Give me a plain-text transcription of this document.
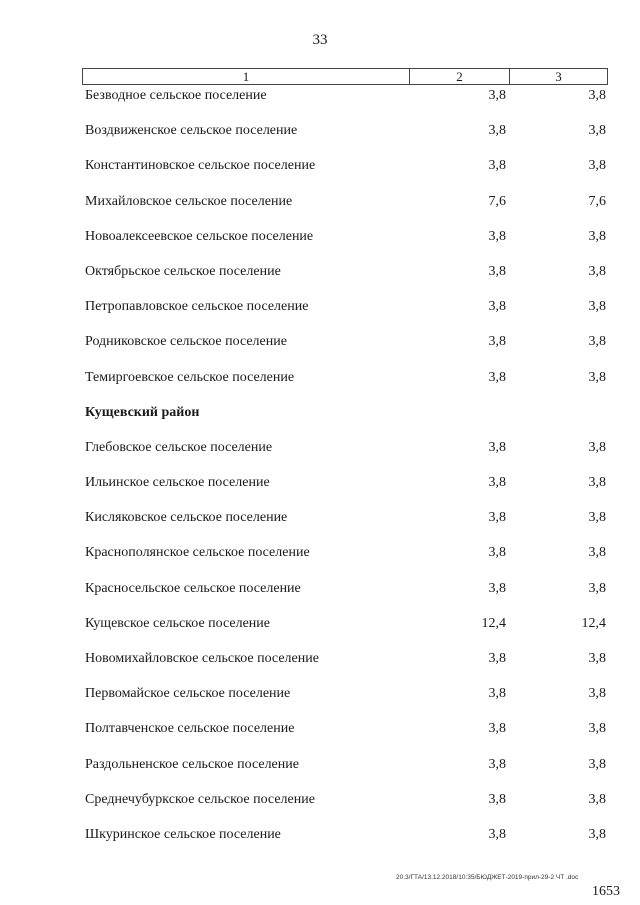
33
1	2	3
Безводное сельское поселение	3,8	3,8
Воздвиженское сельское поселение	3,8	3,8
Константиновское сельское поселение	3,8	3,8
Михайловское сельское поселение	7,6	7,6
Новоалексеевское сельское поселение	3,8	3,8
Октябрьское сельское поселение	3,8	3,8
Петропавловское сельское поселение	3,8	3,8
Родниковское сельское поселение	3,8	3,8
Темиргоевское сельское поселение	3,8	3,8
Кущевский район
Глебовское сельское поселение	3,8	3,8
Ильинское сельское поселение	3,8	3,8
Кисляковское сельское поселение	3,8	3,8
Краснополянское сельское поселение	3,8	3,8
Красносельское сельское поселение	3,8	3,8
Кущевское сельское поселение	12,4	12,4
Новомихайловское сельское поселение	3,8	3,8
Первомайское сельское поселение	3,8	3,8
Полтавченское сельское поселение	3,8	3,8
Раздольненское сельское поселение	3,8	3,8
Среднечубуркское сельское поселение	3,8	3,8
Шкуринское сельское поселение	3,8	3,8
20.3/ГТА/13.12.2018/10:35/БЮДЖЕТ-2019-прил-29-2 ЧТ .doc
1653
